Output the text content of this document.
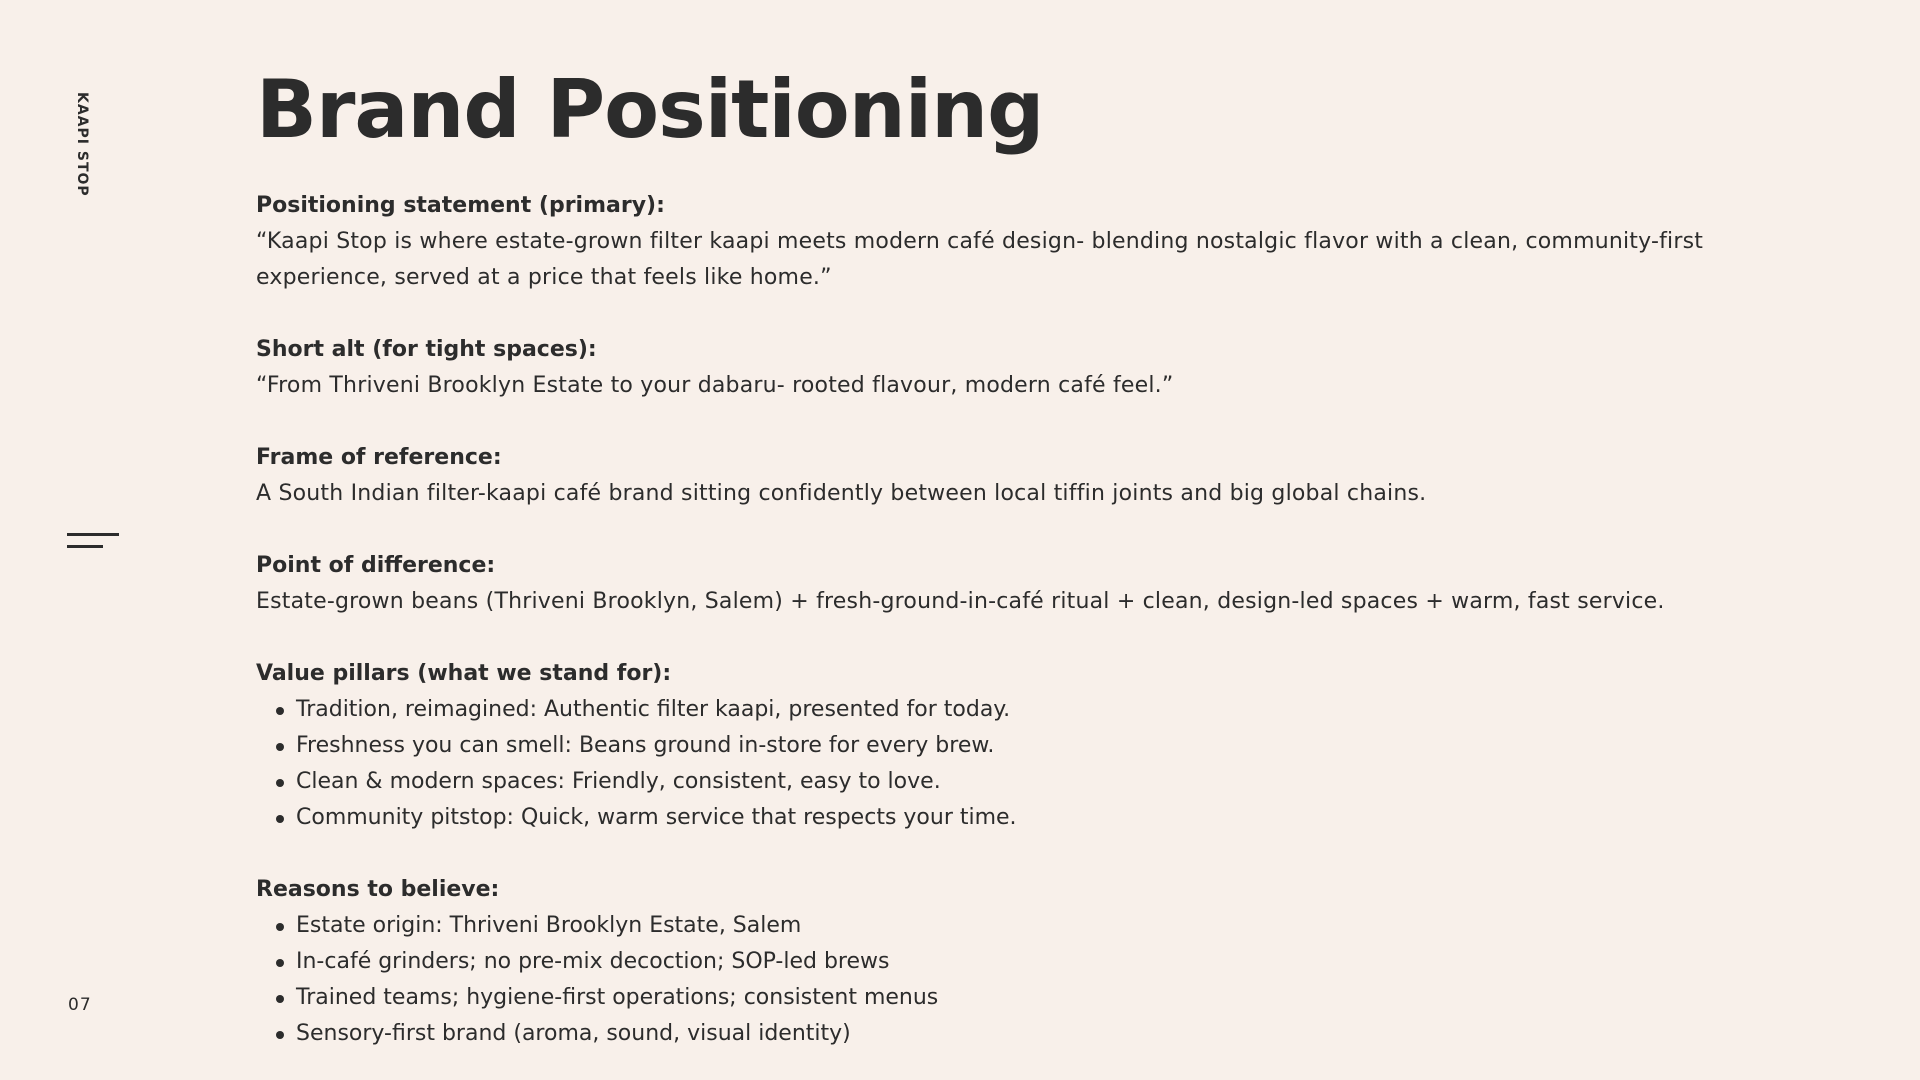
KAAPI STOP
07
Brand Positioning
Positioning statement (primary):
“Kaapi Stop is where estate-grown filter kaapi meets modern café design- blending nostalgic flavor with a clean, community-first experience, served at a price that feels like home.”
Short alt (for tight spaces):
“From Thriveni Brooklyn Estate to your dabaru- rooted flavour, modern café feel.”
Frame of reference:
A South Indian filter-kaapi café brand sitting confidently between local tiffin joints and big global chains.
Point of difference:
Estate-grown beans (Thriveni Brooklyn, Salem) + fresh-ground-in-café ritual + clean, design-led spaces + warm, fast service.
Value pillars (what we stand for):
Tradition, reimagined: Authentic filter kaapi, presented for today.
Freshness you can smell: Beans ground in-store for every brew.
Clean & modern spaces: Friendly, consistent, easy to love.
Community pitstop: Quick, warm service that respects your time.
Reasons to believe:
Estate origin: Thriveni Brooklyn Estate, Salem
In-café grinders; no pre-mix decoction; SOP-led brews
Trained teams; hygiene-first operations; consistent menus
Sensory-first brand (aroma, sound, visual identity)
